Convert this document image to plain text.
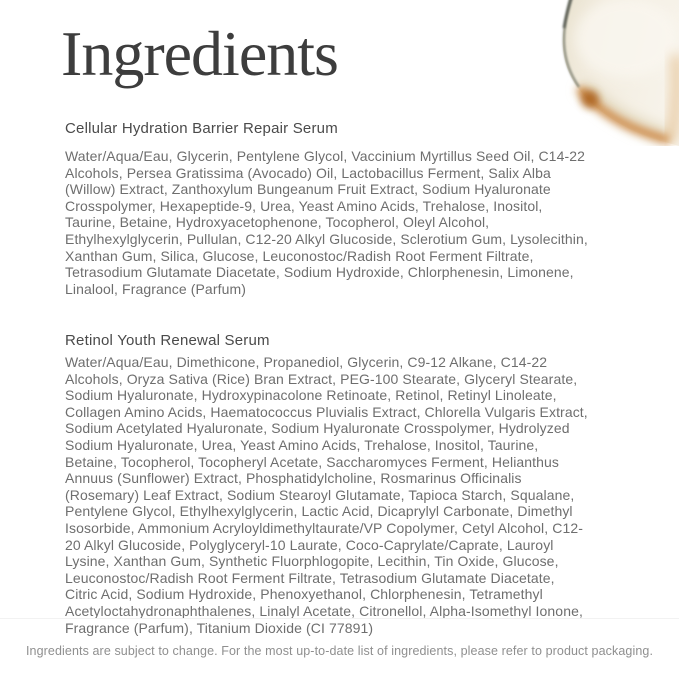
Ingredients
Cellular Hydration Barrier Repair Serum

Water/Aqua/Eau, Glycerin, Pentylene Glycol, Vaccinium Myrtillus Seed Oil, C14-22 Alcohols, Persea Gratissima (Avocado) Oil, Lactobacillus Ferment, Salix Alba (Willow) Extract, Zanthoxylum Bungeanum Fruit Extract, Sodium Hyaluronate Crosspolymer, Hexapeptide-9, Urea, Yeast Amino Acids, Trehalose, Inositol, Taurine, Betaine, Hydroxyacetophenone, Tocopherol, Oleyl Alcohol, Ethylhexylglycerin, Pullulan, C12-20 Alkyl Glucoside, Sclerotium Gum, Lysolecithin, Xanthan Gum, Silica, Glucose, Leuconostoc/Radish Root Ferment Filtrate, Tetrasodium Glutamate Diacetate, Sodium Hydroxide, Chlorphenesin, Limonene, Linalool, Fragrance (Parfum)

Retinol Youth Renewal Serum

Water/Aqua/Eau, Dimethicone, Propanediol, Glycerin, C9-12 Alkane, C14-22 Alcohols, Oryza Sativa (Rice) Bran Extract, PEG-100 Stearate, Glyceryl Stearate, Sodium Hyaluronate, Hydroxypinacolone Retinoate, Retinol, Retinyl Linoleate, Collagen Amino Acids, Haematococcus Pluvialis Extract, Chlorella Vulgaris Extract, Sodium Acetylated Hyaluronate, Sodium Hyaluronate Crosspolymer, Hydrolyzed Sodium Hyaluronate, Urea, Yeast Amino Acids, Trehalose, Inositol, Taurine, Betaine, Tocopherol, Tocopheryl Acetate, Saccharomyces Ferment, Helianthus Annuus (Sunflower) Extract, Phosphatidylcholine, Rosmarinus Officinalis (Rosemary) Leaf Extract, Sodium Stearoyl Glutamate, Tapioca Starch, Squalane, Pentylene Glycol, Ethylhexylglycerin, Lactic Acid, Dicaprylyl Carbonate, Dimethyl Isosorbide, Ammonium Acryloyldimethyltaurate/VP Copolymer, Cetyl Alcohol, C12-20 Alkyl Glucoside, Polyglyceryl-10 Laurate, Coco-Caprylate/Caprate, Lauroyl Lysine, Xanthan Gum, Synthetic Fluorphlogopite, Lecithin, Tin Oxide, Glucose, Leuconostoc/Radish Root Ferment Filtrate, Tetrasodium Glutamate Diacetate, Citric Acid, Sodium Hydroxide, Phenoxyethanol, Chlorphenesin, Tetramethyl Acetyloctahydronaphthalenes, Linalyl Acetate, Citronellol, Alpha-Isomethyl Ionone, Fragrance (Parfum), Titanium Dioxide (CI 77891)

Ingredients are subject to change. For the most up-to-date list of ingredients, please refer to product packaging.
